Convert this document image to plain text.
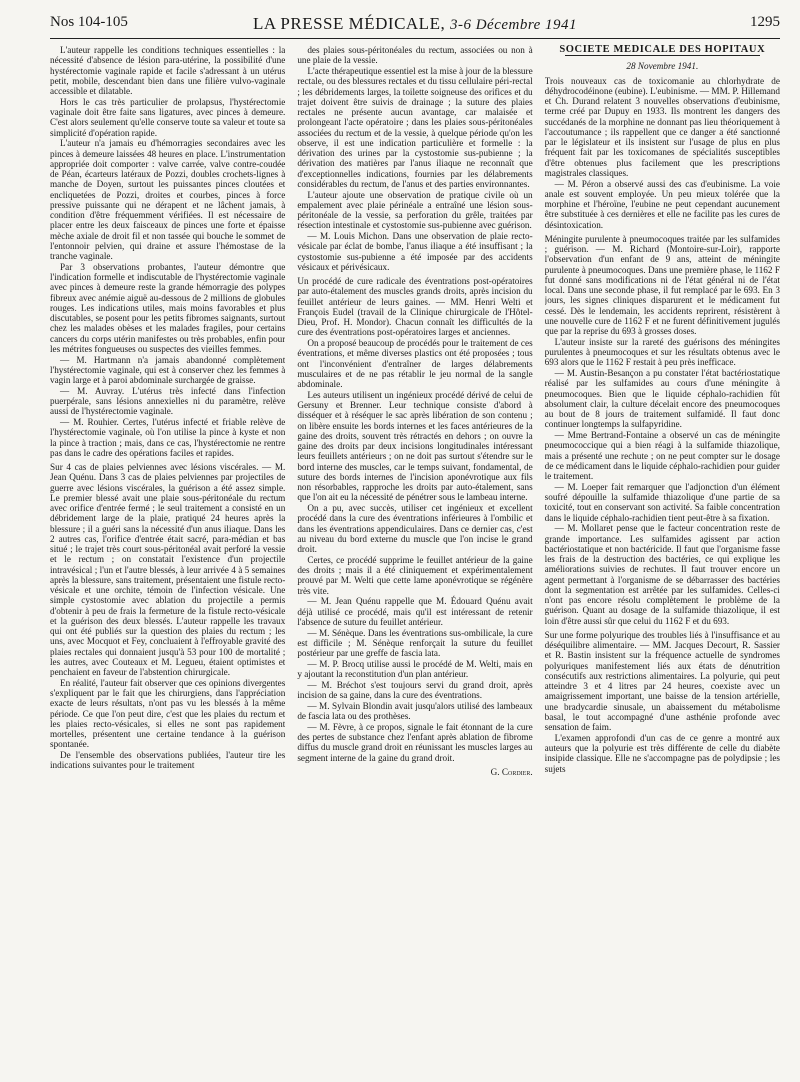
Nos 104-105	LA PRESSE MÉDICALE, 3-6 Décembre 1941	1295

L'auteur rappelle les conditions techniques essentielles : la nécessité d'absence de lésion para-utérine, la possibilité d'une hystérectomie vaginale rapide et facile s'adressant à un utérus petit, mobile, descendant bien dans une filière vulvo-vaginale accessible et dilatable.

Hors le cas très particulier de prolapsus, l'hystérectomie vaginale doit être faite sans ligatures, avec pinces à demeure. C'est alors seulement qu'elle conserve toute sa valeur et toute sa simplicité d'opération rapide.

L'auteur n'a jamais eu d'hémorragies secondaires avec les pinces à demeure laissées 48 heures en place. L'instrumentation appropriée doit comporter : valve carrée, valve contre-coudée de Péan, écarteurs latéraux de Pozzi, doubles crochets-lignes à manche de Doyen, surtout les puissantes pinces cloutées et encliquetées de Pozzi, droites et courbes, pinces à force pressive puissante qui ne dérapent et ne lâchent jamais, à condition d'être fréquemment vérifiées. Il est nécessaire de placer entre les deux faisceaux de pinces une forte et épaisse mèche axiale de droit fil et non tassée qui bouche le sommet de l'entonnoir pelvien, qui draine et assure l'hémostase de la tranche vaginale.

Par 3 observations probantes, l'auteur démontre que l'indication formelle et indiscutable de l'hystérectomie vaginale avec pinces à demeure reste la grande hémorragie des polypes fibreux avec anémie aiguë au-dessous de 2 millions de globules rouges. Les indications utiles, mais moins favorables et plus discutables, se posent pour les petits fibromes saignants, surtout chez les malades obèses et les malades fragiles, pour certains cancers du corps utérin manifestes ou très probables, enfin pour les métrites fongueuses ou suspectes des vieilles femmes.

— M. Hartmann n'a jamais abandonné complètement l'hystérectomie vaginale, qui est à conserver chez les femmes à vagin large et à paroi abdominale surchargée de graisse.

— M. Auvray. L'utérus très infecté dans l'infection puerpérale, sans lésions annexielles ni du paramètre, relève aussi de l'hystérectomie vaginale.

— M. Rouhier. Certes, l'utérus infecté et friable relève de l'hystérectomie vaginale, où l'on utilise la pince à kyste et non la pince à traction ; mais, dans ce cas, l'hystérectomie ne rentre pas dans le cadre des opérations faciles et rapides.

Sur 4 cas de plaies pelviennes avec lésions viscérales. — M. Jean Quénu. Dans 3 cas de plaies pelviennes par projectiles de guerre avec lésions viscérales, la guérison a été assez simple. Le premier blessé avait une plaie sous-péritonéale du rectum avec orifice d'entrée fermé ; le seul traitement a consisté en un débridement large de la plaie, pratiqué 24 heures après la blessure ; il a guéri sans la nécessité d'un anus iliaque. Dans les 2 autres cas, l'orifice d'entrée était sacré, para-médian et bas situé ; le trajet très court sous-péritonéal avait perforé la vessie et le rectum ; on constatait l'existence d'un projectile intravésical ; l'un et l'autre blessés, à leur arrivée 4 à 5 semaines après la blessure, sans traitement, présentaient une fistule recto-vésicale et une orchite, témoin de l'infection vésicale. Une simple cystostomie avec ablation du projectile a permis d'obtenir à peu de frais la fermeture de la fistule recto-vésicale et la guérison des deux blessés. L'auteur rappelle les travaux qui ont été publiés sur la question des plaies du rectum ; les uns, avec Mocquot et Fey, concluaient à l'effroyable gravité des plaies rectales qui donnaient jusqu'à 53 pour 100 de mortalité ; les autres, avec Couteaux et M. Legueu, étaient optimistes et penchaient en faveur de l'abstention chirurgicale.

En réalité, l'auteur fait observer que ces opinions divergentes s'expliquent par le fait que les chirurgiens, dans l'appréciation exacte de leurs résultats, n'ont pas vu les blessés à la même période. Ce que l'on peut dire, c'est que les plaies du rectum et les plaies recto-vésicales, si elles ne sont pas rapidement mortelles, présentent une certaine tendance à la guérison spontanée.

De l'ensemble des observations publiées, l'auteur tire les indications suivantes pour le traitement

des plaies sous-péritonéales du rectum, associées ou non à une plaie de la vessie.

L'acte thérapeutique essentiel est la mise à jour de la blessure rectale, ou des blessures rectales et du tissu cellulaire péri-rectal ; les débridements larges, la toilette soigneuse des orifices et du trajet doivent être suivis de drainage ; la suture des plaies rectales ne présente aucun avantage, car malaisée et prolongeant l'acte opératoire ; dans les plaies sous-péritonéales associées du rectum et de la vessie, à quelque période qu'on les observe, il est une indication particulière et formelle : la dérivation des urines par la cystostomie sus-pubienne ; la dérivation des matières par l'anus iliaque ne reconnaît que d'exceptionnelles indications, fournies par les délabrements considérables du rectum, de l'anus et des parties environnantes.

L'auteur ajoute une observation de pratique civile où un empalement avec plaie périnéale a entraîné une lésion sous-péritonéale de la vessie, sa perforation du grêle, traitées par résection intestinale et cystostomie sus-pubienne avec guérison.

— M. Louis Michon. Dans une observation de plaie recto-vésicale par éclat de bombe, l'anus iliaque a été insuffisant ; la cystostomie sus-pubienne a été imposée par des accidents vésicaux et périvésicaux.

Un procédé de cure radicale des éventrations post-opératoires par auto-étalement des muscles grands droits, après incision du feuillet antérieur de leurs gaines. — MM. Henri Welti et François Eudel (travail de la Clinique chirurgicale de l'Hôtel-Dieu, Prof. H. Mondor). Chacun connaît les difficultés de la cure des éventrations post-opératoires larges et anciennes.

On a proposé beaucoup de procédés pour le traitement de ces éventrations, et même diverses plastics ont été proposées ; tous ont l'inconvénient d'entraîner de larges délabrements musculaires et de ne pas rétablir le jeu normal de la sangle abdominale.

Les auteurs utilisent un ingénieux procédé dérivé de celui de Gersuny et Brenner. Leur technique consiste d'abord à disséquer et à réséquer le sac après libération de son contenu ; on libère ensuite les bords internes et les faces antérieures de la gaine des droits, souvent très rétractés en dehors ; on ouvre la gaine des droits par deux incisions longitudinales intéressant leurs feuillets antérieurs ; on ne doit pas surtout s'étendre sur le bord interne des muscles, car le temps suivant, fondamental, de suture des bords internes de l'incision aponévrotique aux fils non résorbables, rapproche les droits par auto-étalement, sans que l'on ait eu la nécessité de pénétrer sous le lambeau interne.

On a pu, avec succès, utiliser cet ingénieux et excellent procédé dans la cure des éventrations inférieures à l'ombilic et dans les éventrations appendiculaires. Dans ce dernier cas, c'est au niveau du bord externe du muscle que l'on incise le grand droit.

Certes, ce procédé supprime le feuillet antérieur de la gaine des droits ; mais il a été cliniquement et expérimentalement prouvé par M. Welti que cette lame aponévrotique se régénère très vite.

— M. Jean Quénu rappelle que M. Édouard Quénu avait déjà utilisé ce procédé, mais qu'il est intéressant de retenir l'absence de suture du feuillet antérieur.

— M. Sénèque. Dans les éventrations sus-ombilicale, la cure est difficile ; M. Sénèque renforçait la suture du feuillet postérieur par une greffe de fascia lata.

— M. P. Brocq utilise aussi le procédé de M. Welti, mais en y ajoutant la reconstitution d'un plan antérieur.

— M. Bréchot s'est toujours servi du grand droit, après incision de sa gaine, dans la cure des éventrations.

— M. Sylvain Blondin avait jusqu'alors utilisé des lambeaux de fascia lata ou des prothèses.

— M. Fèvre, à ce propos, signale le fait étonnant de la cure des pertes de substance chez l'enfant après ablation de fibrome diffus du muscle grand droit en réunissant les muscles larges au segment interne de la gaine du grand droit.

G. Cordier.

SOCIÉTÉ MÉDICALE DES HOPITAUX

28 Novembre 1941.

Trois nouveaux cas de toxicomanie au chlorhydrate de déhydrocodéinone (eubine). L'eubinisme. — MM. P. Hillemand et Ch. Durand relatent 3 nouvelles observations d'eubinisme, terme créé par Dupuy en 1933. Ils montrent les dangers des succédanés de la morphine ne donnant pas lieu théoriquement à l'accoutumance ; ils rappellent que ce danger a été sanctionné par le législateur et ils insistent sur l'usage de plus en plus fréquent fait par les toxicomanes de spécialités susceptibles d'être obtenues plus facilement que les prescriptions magistrales classiques.

— M. Péron a observé aussi des cas d'eubinisme. La voie anale est souvent employée. Un peu mieux tolérée que la morphine et l'héroïne, l'eubine ne peut cependant aucunement être substituée à ces dernières et elle ne facilite pas les cures de désintoxication.

Méningite purulente à pneumocoques traitée par les sulfamides ; guérison. — M. Richard (Montoire-sur-Loir), rapporte l'observation d'un enfant de 9 ans, atteint de méningite purulente à pneumocoques. Dans une première phase, le 1162 F fut donné sans modifications ni de l'état général ni de l'état local. Dans une seconde phase, il fut remplacé par le 693. En 3 jours, les signes cliniques disparurent et le médicament fut cessé. Dès le lendemain, les accidents reprirent, résistèrent à une nouvelle cure de 1162 F et ne furent définitivement jugulés que par la reprise du 693 à grosses doses.

L'auteur insiste sur la rareté des guérisons des méningites purulentes à pneumocoques et sur les résultats obtenus avec le 693 alors que le 1162 F restait à peu près inefficace.

— M. Austin-Besançon a pu constater l'état bactériostatique réalisé par les sulfamides au cours d'une méningite à pneumocoques. Bien que le liquide céphalo-rachidien fût absolument clair, la culture décelait encore des pneumocoques au bout de 8 jours de traitement sulfamidé. Il faut donc continuer longtemps la sulfapyridine.

— Mme Bertrand-Fontaine a observé un cas de méningite pneumococcique qui a bien réagi à la sulfamide thiazolique, mais a présenté une rechute ; on ne peut compter sur le dosage de ce médicament dans le liquide céphalo-rachidien pour guider le traitement.

— M. Loeper fait remarquer que l'adjonction d'un élément soufré dépouille la sulfamide thiazolique d'une partie de sa toxicité, tout en conservant son activité. Sa faible concentration dans le liquide céphalo-rachidien tient peut-être à sa fixation.

— M. Mollaret pense que le facteur concentration reste de grande importance. Les sulfamides agissent par action bactériostatique et non bactéricide. Il faut que l'organisme fasse les frais de la destruction des bactéries, ce qui explique les améliorations suivies de rechutes. Il faut trouver encore un agent permettant à l'organisme de se débarrasser des bactéries dont la segmentation est arrêtée par les sulfamides. Celles-ci n'ont pas encore résolu complètement le problème de la guérison. Quant au dosage de la sulfamide thiazolique, il est loin d'être aussi sûr que celui du 1162 F et du 693.

Sur une forme polyurique des troubles liés à l'insuffisance et au déséquilibre alimentaire. — MM. Jacques Decourt, R. Sassier et R. Bastin insistent sur la fréquence actuelle de syndromes polyuriques manifestement liés aux états de dénutrition consécutifs aux restrictions alimentaires. La polyurie, qui peut atteindre 3 et 4 litres par 24 heures, coexiste avec un amaigrissement important, une baisse de la tension artérielle, une bradycardie sinusale, un abaissement du métabolisme basal, le tout accompagné d'une asthénie profonde avec sensation de faim.

L'examen approfondi d'un cas de ce genre a montré aux auteurs que la polyurie est très différente de celle du diabète insipide classique. Elle ne s'accompagne pas de polydipsie ; les sujets
